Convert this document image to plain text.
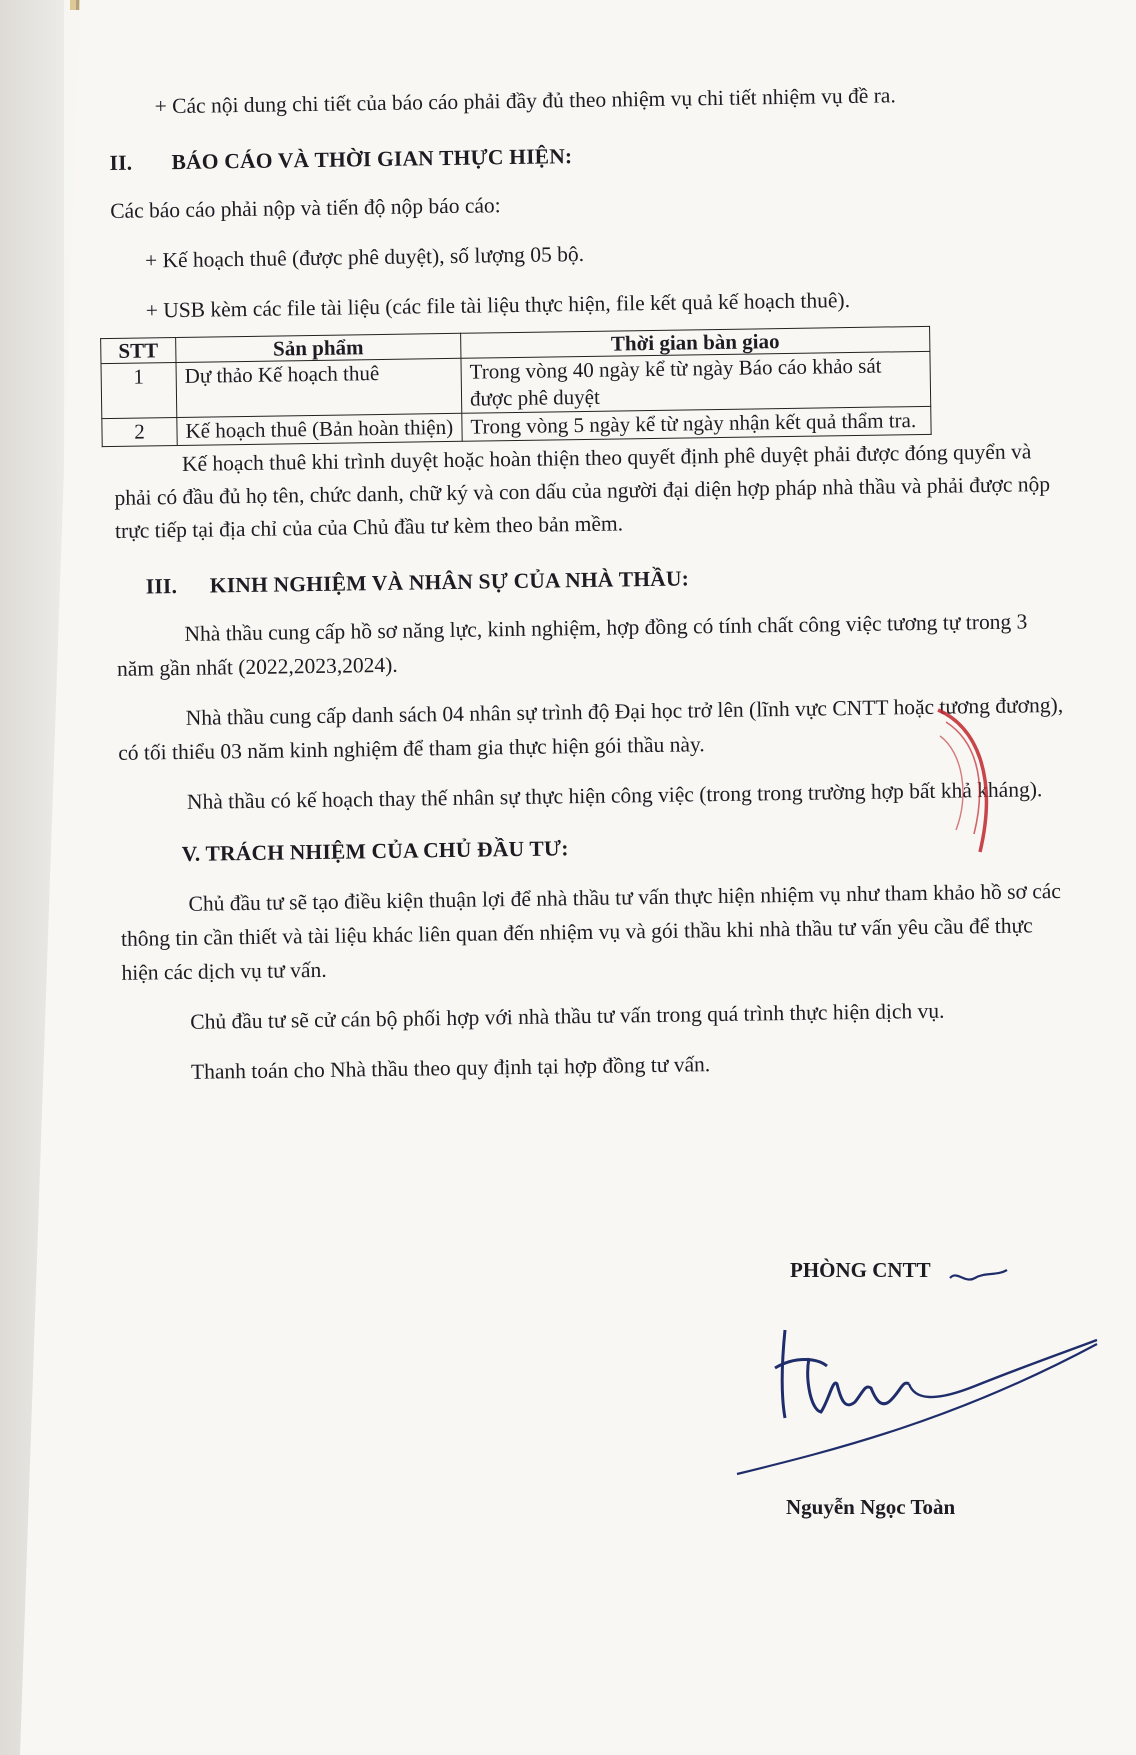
+ Các nội dung chi tiết của báo cáo phải đầy đủ theo nhiệm vụ chi tiết nhiệm vụ đề ra.

II. BÁO CÁO VÀ THỜI GIAN THỰC HIỆN:

Các báo cáo phải nộp và tiến độ nộp báo cáo:

+ Kế hoạch thuê (được phê duyệt), số lượng 05 bộ.

+ USB kèm các file tài liệu (các file tài liệu thực hiện, file kết quả kế hoạch thuê).

STT	Sản phẩm	Thời gian bàn giao
1	Dự thảo Kế hoạch thuê	Trong vòng 40 ngày kể từ ngày Báo cáo khảo sát được phê duyệt
2	Kế hoạch thuê (Bản hoàn thiện)	Trong vòng 5 ngày kể từ ngày nhận kết quả thẩm tra.

Kế hoạch thuê khi trình duyệt hoặc hoàn thiện theo quyết định phê duyệt phải được đóng quyển và phải có đầu đủ họ tên, chức danh, chữ ký và con dấu của người đại diện hợp pháp nhà thầu và phải được nộp trực tiếp tại địa chỉ của của Chủ đầu tư kèm theo bản mềm.

III. KINH NGHIỆM VÀ NHÂN SỰ CỦA NHÀ THẦU:

Nhà thầu cung cấp hồ sơ năng lực, kinh nghiệm, hợp đồng có tính chất công việc tương tự trong 3 năm gần nhất (2022,2023,2024).

Nhà thầu cung cấp danh sách 04 nhân sự trình độ Đại học trở lên (lĩnh vực CNTT hoặc tương đương), có tối thiểu 03 năm kinh nghiệm để tham gia thực hiện gói thầu này.

Nhà thầu có kế hoạch thay thế nhân sự thực hiện công việc (trong trong trường hợp bất khả kháng).

V. TRÁCH NHIỆM CỦA CHỦ ĐẦU TƯ:

Chủ đầu tư sẽ tạo điều kiện thuận lợi để nhà thầu tư vấn thực hiện nhiệm vụ như tham khảo hồ sơ các thông tin cần thiết và tài liệu khác liên quan đến nhiệm vụ và gói thầu khi nhà thầu tư vấn yêu cầu để thực hiện các dịch vụ tư vấn.

Chủ đầu tư sẽ cử cán bộ phối hợp với nhà thầu tư vấn trong quá trình thực hiện dịch vụ.

Thanh toán cho Nhà thầu theo quy định tại hợp đồng tư vấn.

PHÒNG CNTT
Nguyễn Ngọc Toàn
